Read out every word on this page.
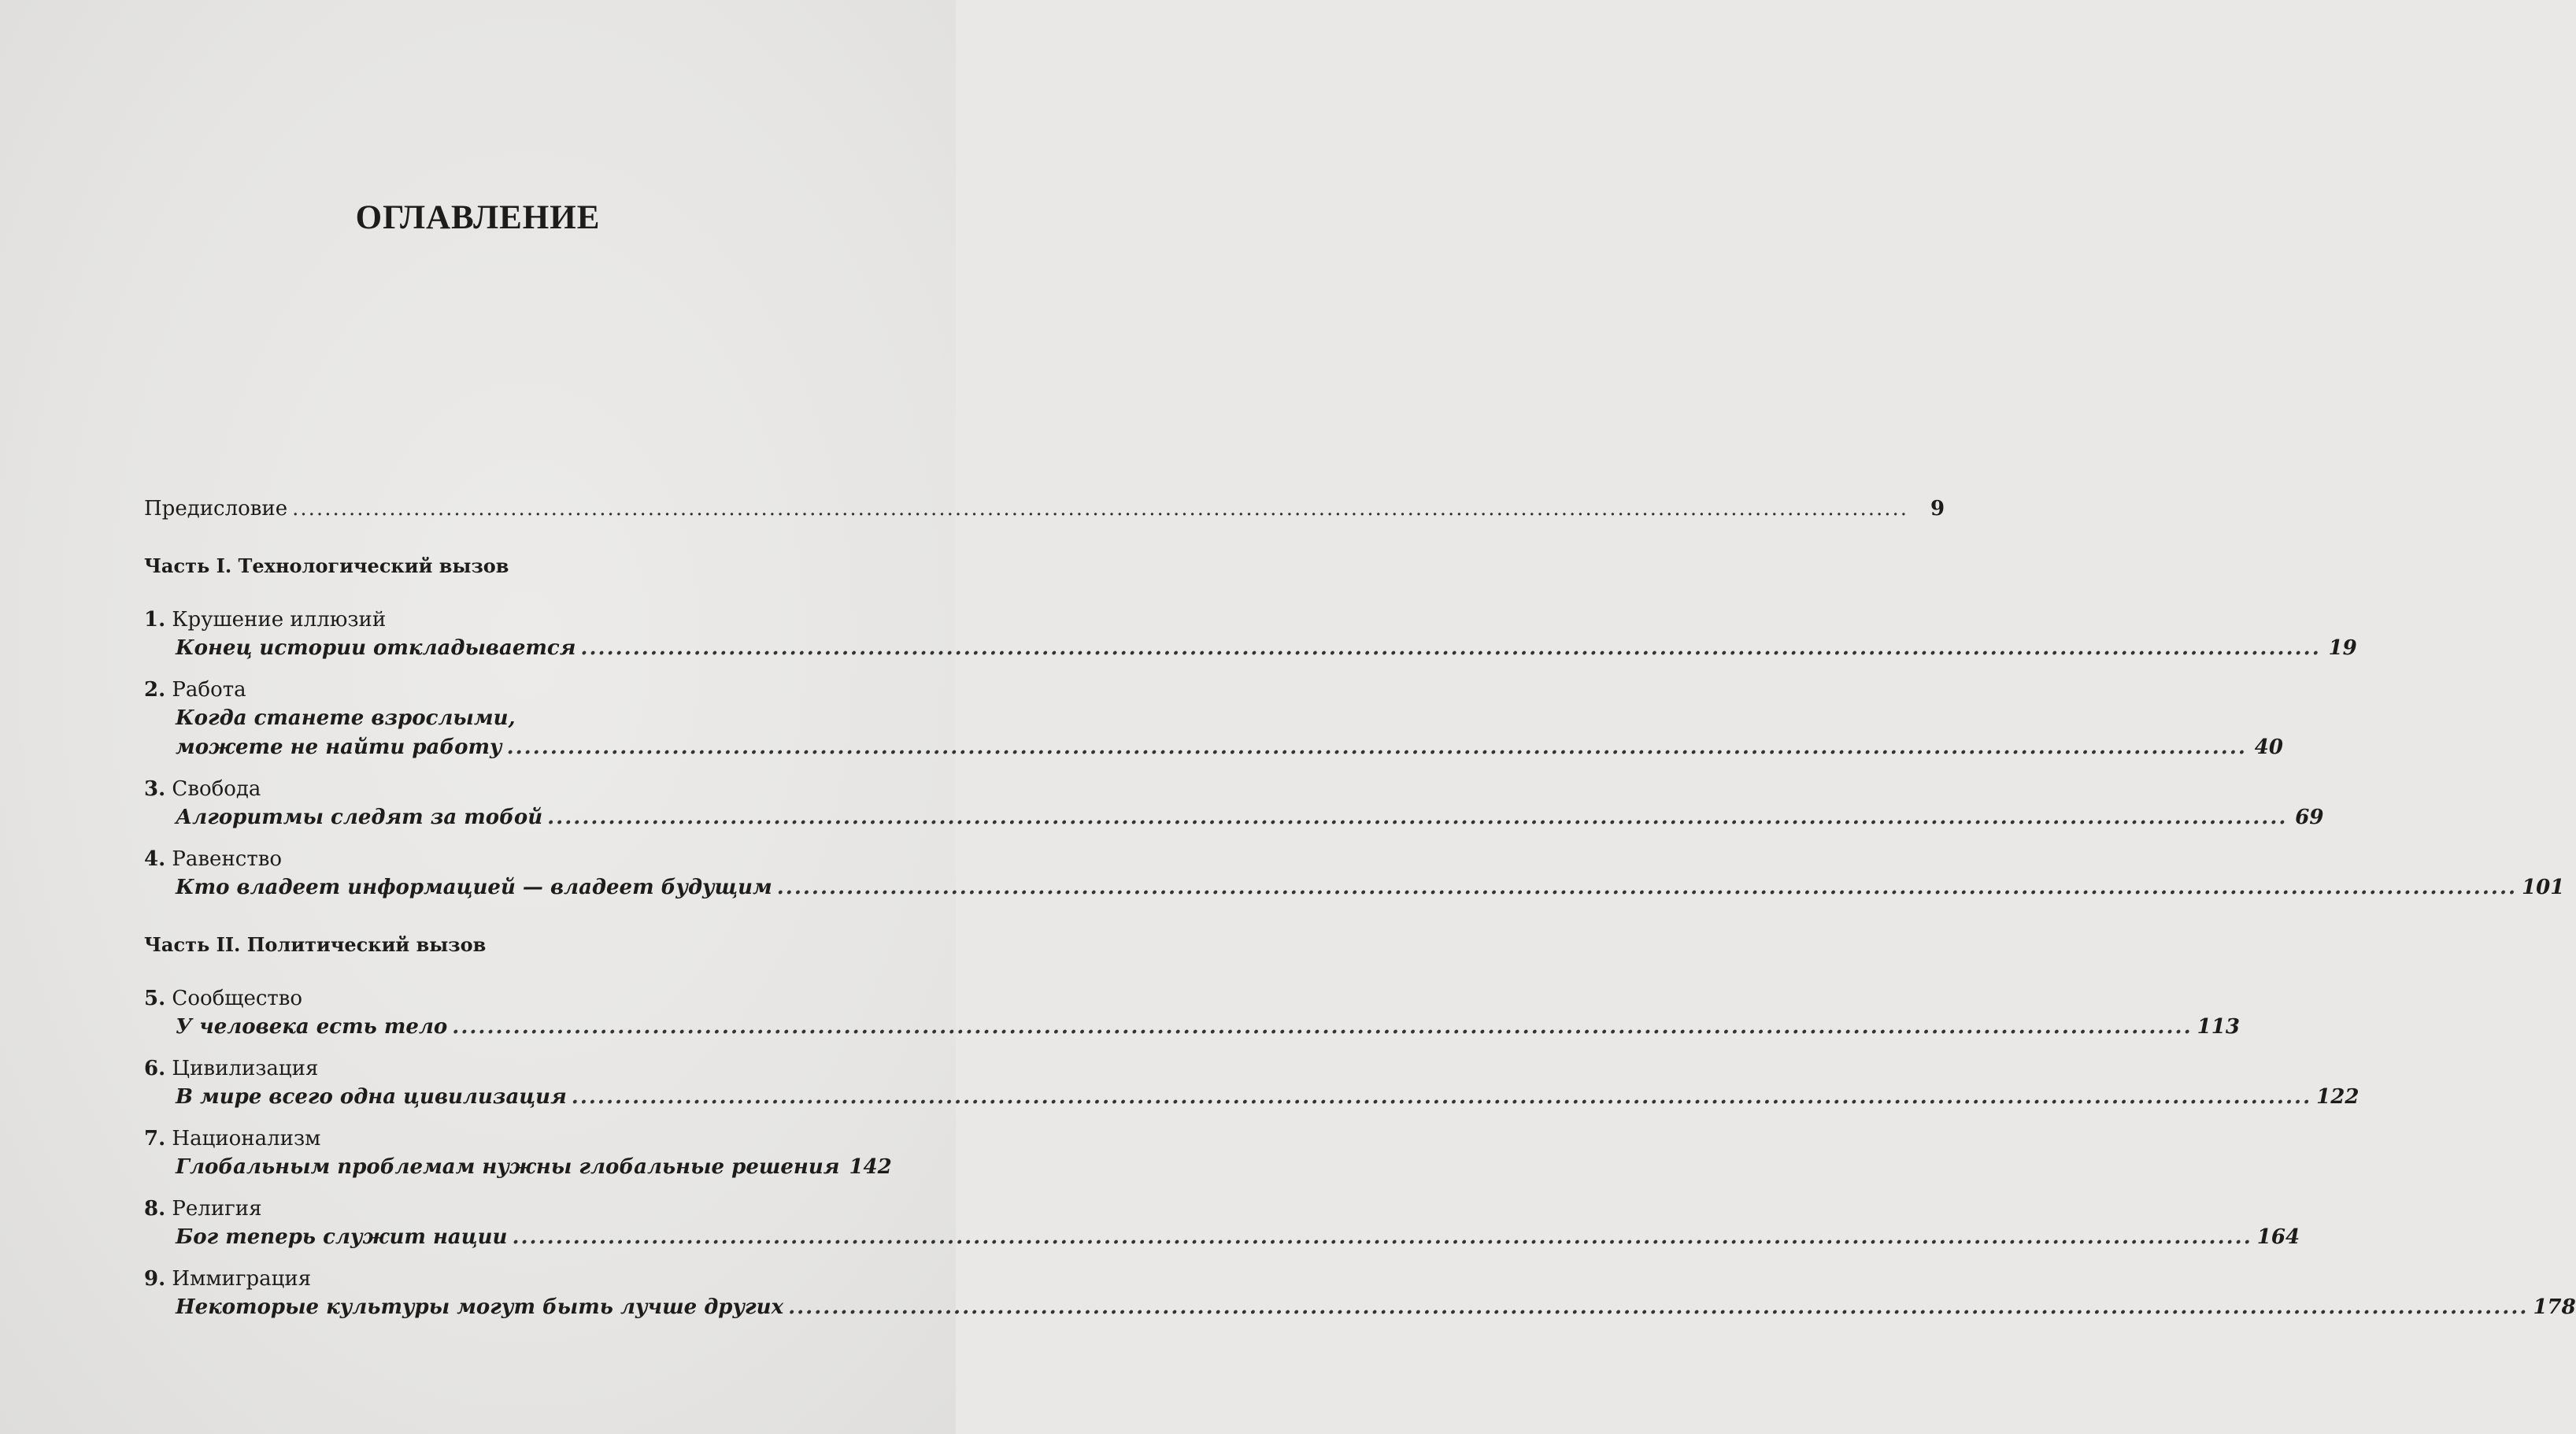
ОГЛАВЛЕНИЕ
Предисловие ........................................................................................................................................................................................................	9
Часть I. Технологический вызов
1. Крушение иллюзий
Конец истории откладывается ........................................................................................................................................................................................................ 19
2. Работа
Когда станете взрослыми,
можете не найти работу ........................................................................................................................................................................................................ 40
3. Свобода
Алгоритмы следят за тобой ........................................................................................................................................................................................................ 69
4. Равенство
Кто владеет информацией — владеет будущим ........................................................................................................................................................................................................ 101
Часть II. Политический вызов
5. Сообщество
У человека есть тело ........................................................................................................................................................................................................ 113
6. Цивилизация
В мире всего одна цивилизация ........................................................................................................................................................................................................ 122
7. Национализм
Глобальным проблемам нужны глобальные решения 142
8. Религия
Бог теперь служит нации ........................................................................................................................................................................................................ 164
9. Иммиграция
Некоторые культуры могут быть лучше других ........................................................................................................................................................................................................ 178
